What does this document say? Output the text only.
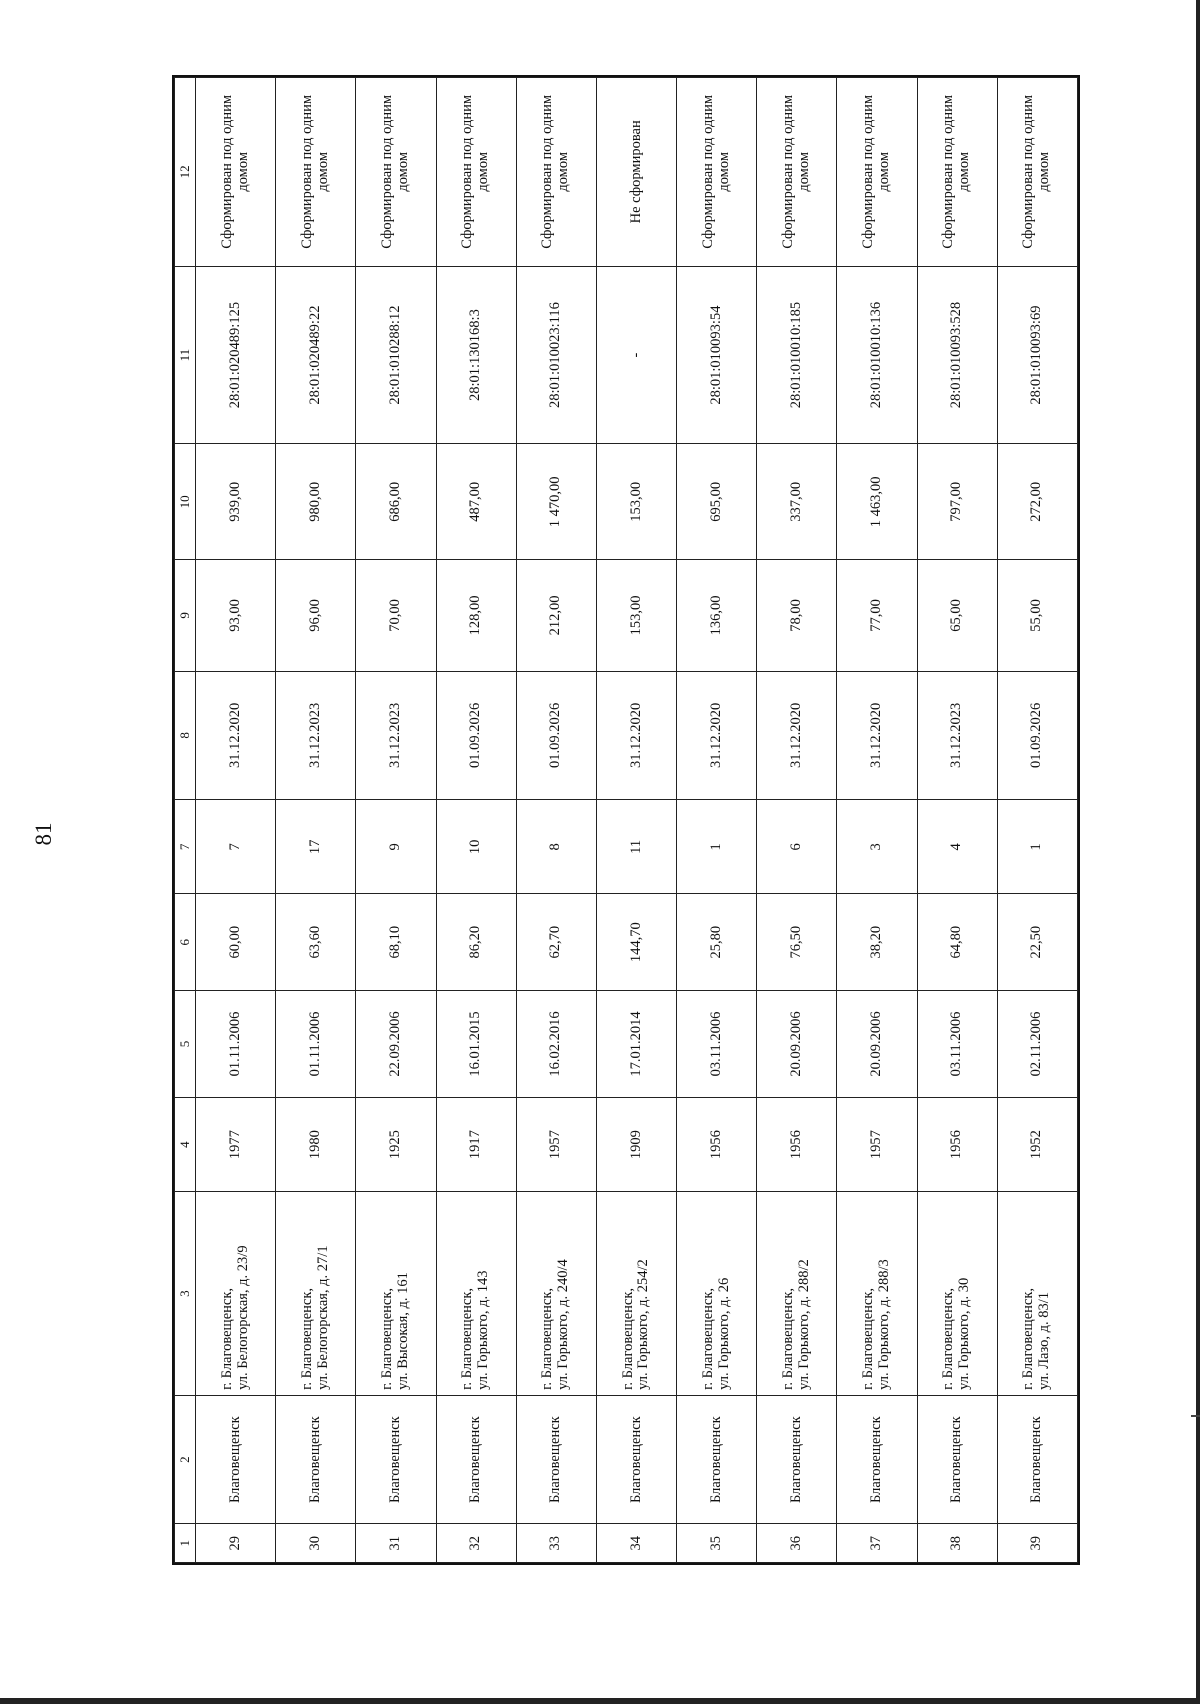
81
1	2	3	4	5	6	7	8	9	10	11	12
29	Благовещенск	г. Благовещенск, ул. Белогорская, д. 23/9	1977	01.11.2006	60,00	7	31.12.2020	93,00	939,00	28:01:020489:125	Сформирован под одним домом
30	Благовещенск	г. Благовещенск, ул. Белогорская, д. 27/1	1980	01.11.2006	63,60	17	31.12.2023	96,00	980,00	28:01:020489:22	Сформирован под одним домом
31	Благовещенск	г. Благовещенск, ул. Высокая, д. 161	1925	22.09.2006	68,10	9	31.12.2023	70,00	686,00	28:01:010288:12	Сформирован под одним домом
32	Благовещенск	г. Благовещенск, ул. Горького, д. 143	1917	16.01.2015	86,20	10	01.09.2026	128,00	487,00	28:01:130168:3	Сформирован под одним домом
33	Благовещенск	г. Благовещенск, ул. Горького, д. 240/4	1957	16.02.2016	62,70	8	01.09.2026	212,00	1 470,00	28:01:010023:116	Сформирован под одним домом
34	Благовещенск	г. Благовещенск, ул. Горького, д. 254/2	1909	17.01.2014	144,70	11	31.12.2020	153,00	153,00	-	Не сформирован
35	Благовещенск	г. Благовещенск, ул. Горького, д. 26	1956	03.11.2006	25,80	1	31.12.2020	136,00	695,00	28:01:010093:54	Сформирован под одним домом
36	Благовещенск	г. Благовещенск, ул. Горького, д. 288/2	1956	20.09.2006	76,50	6	31.12.2020	78,00	337,00	28:01:010010:185	Сформирован под одним домом
37	Благовещенск	г. Благовещенск, ул. Горького, д. 288/3	1957	20.09.2006	38,20	3	31.12.2020	77,00	1 463,00	28:01:010010:136	Сформирован под одним домом
38	Благовещенск	г. Благовещенск, ул. Горького, д. 30	1956	03.11.2006	64,80	4	31.12.2023	65,00	797,00	28:01:010093:528	Сформирован под одним домом
39	Благовещенск	г. Благовещенск, ул. Лазо, д. 83/1	1952	02.11.2006	22,50	1	01.09.2026	55,00	272,00	28:01:010093:69	Сформирован под одним домом
